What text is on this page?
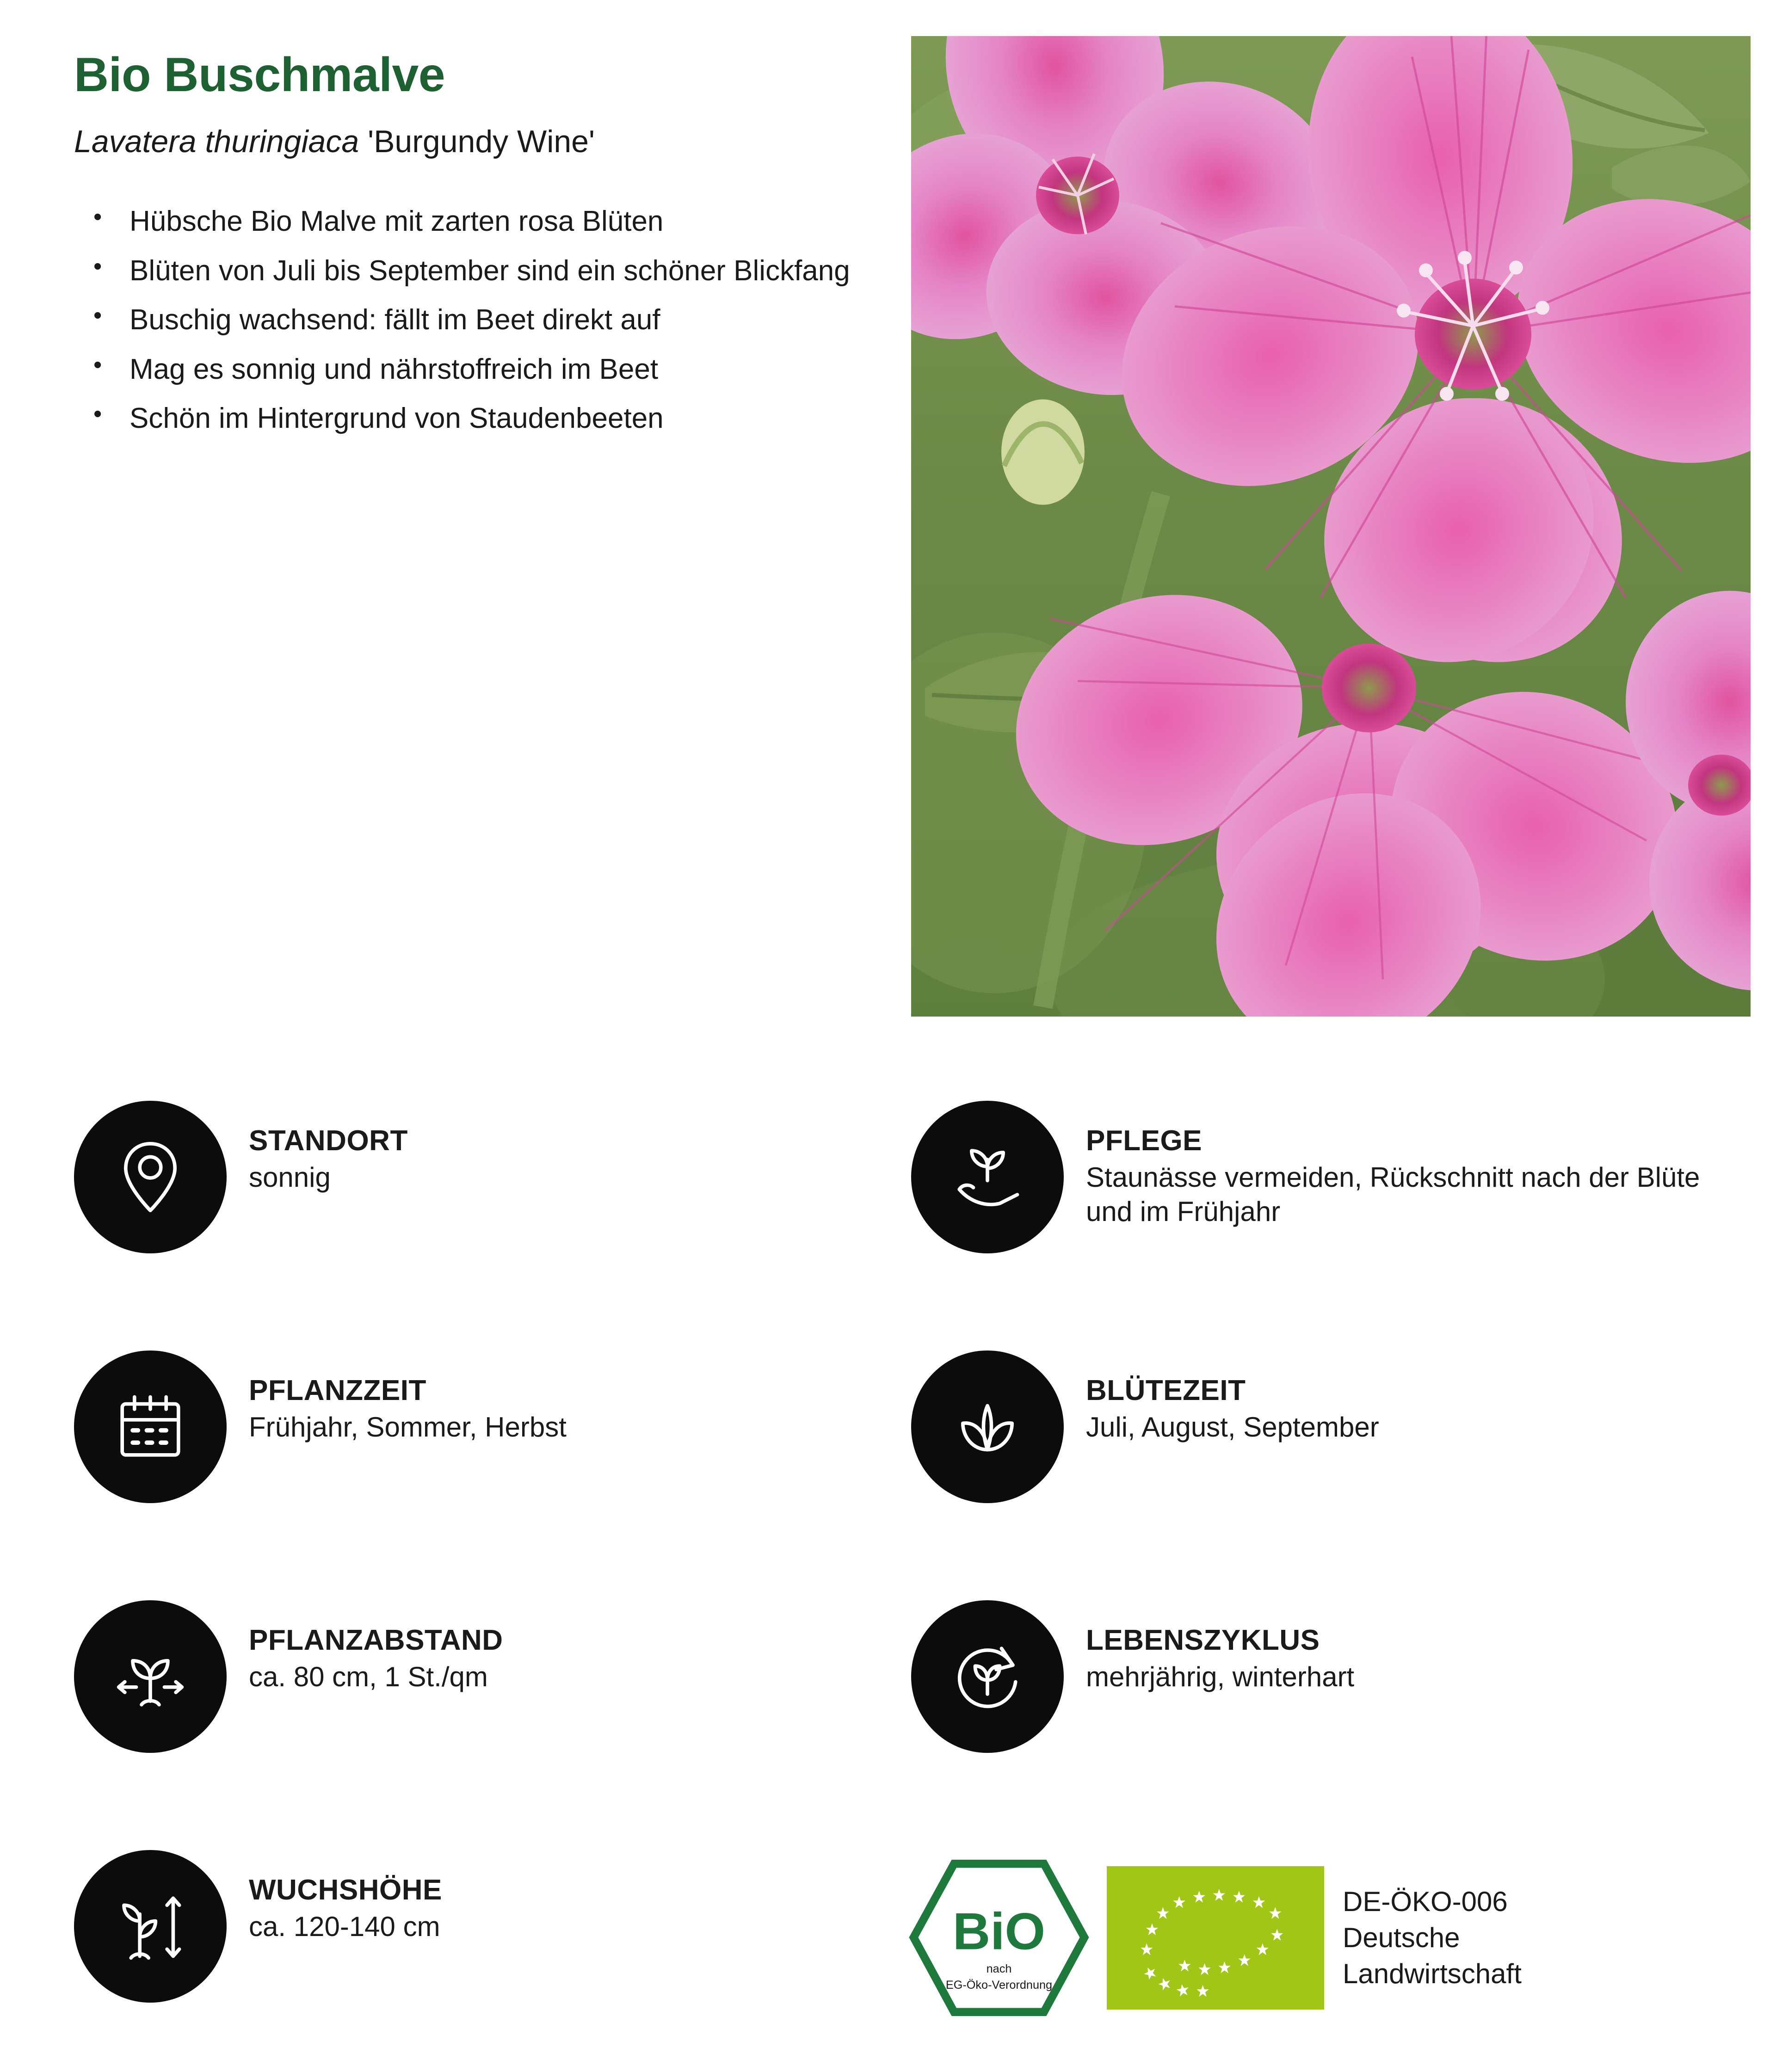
Bio Buschmalve

Lavatera thuringiaca 'Burgundy Wine'

• Hübsche Bio Malve mit zarten rosa Blüten
• Blüten von Juli bis September sind ein schöner Blickfang
• Buschig wachsend: fällt im Beet direkt auf
• Mag es sonnig und nährstoffreich im Beet
• Schön im Hintergrund von Staudenbeeten

STANDORT

sonnig

PFLANZZEIT

Frühjahr, Sommer, Herbst

PFLANZABSTAND

ca. 80 cm, 1 St./qm

WUCHSHÖHE

ca. 120-140 cm

PFLEGE

Staunässe vermeiden, Rückschnitt nach der Blüte und im Frühjahr

BLÜTEZEIT

Juli, August, September

LEBENSZYKLUS

mehrjährig, winterhart

BiO
nach
EG-Öko-Verordnung
DE-ÖKO-006
Deutsche
Landwirtschaft
